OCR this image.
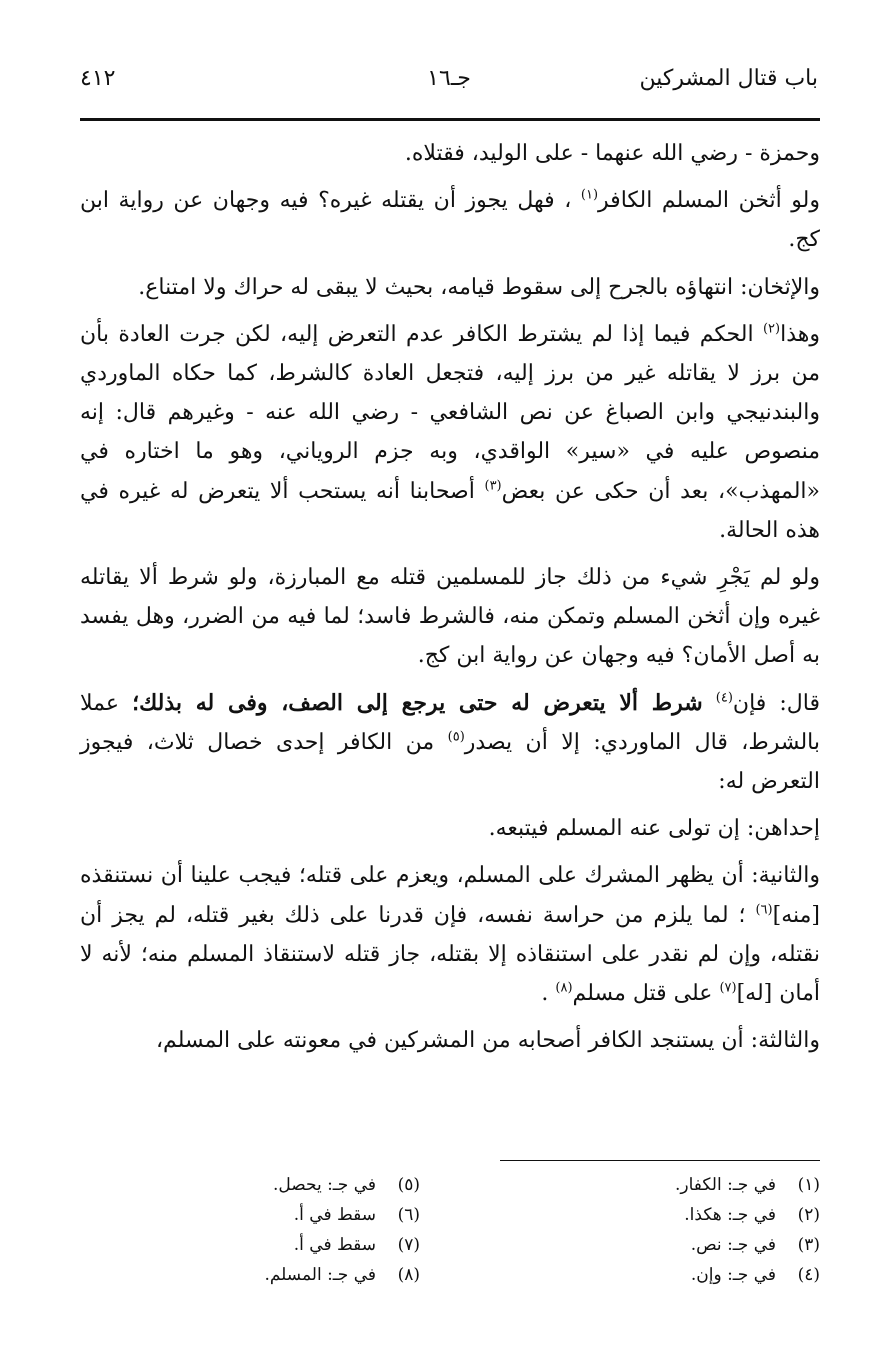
باب قتال المشركين
جـ١٦
٤١٢

وحمزة - رضي الله عنهما - على الوليد، فقتلاه.

ولو أثخن المسلم الكافر$^{(١)}$ ، فهل يجوز أن يقتله غيره؟ فيه وجهان عن رواية ابن كج.

والإثخان: انتهاؤه بالجرح إلى سقوط قيامه، بحيث لا يبقى له حراك ولا امتناع.

وهذا$^{(٢)}$ الحكم فيما إذا لم يشترط الكافر عدم التعرض إليه، لكن جرت العادة بأن من برز لا يقاتله غير من برز إليه، فتجعل العادة كالشرط، كما حكاه الماوردي والبندنيجي وابن الصباغ عن نص الشافعي - رضي الله عنه - وغيرهم قال: إنه منصوص عليه في «سير» الواقدي، وبه جزم الروياني، وهو ما اختاره في «المهذب»، بعد أن حكى عن بعض$^{(٣)}$ أصحابنا أنه يستحب ألا يتعرض له غيره في هذه الحالة.

ولو لم يَجْرِ شيء من ذلك جاز للمسلمين قتله مع المبارزة، ولو شرط ألا يقاتله غيره وإن أثخن المسلم وتمكن منه، فالشرط فاسد؛ لما فيه من الضرر، وهل يفسد به أصل الأمان؟ فيه وجهان عن رواية ابن كج.

قال: فإن$^{(٤)}$ شرط ألا يتعرض له حتى يرجع إلى الصف، وفى له بذلك؛ عملا بالشرط، قال الماوردي: إلا أن يصدر$^{(٥)}$ من الكافر إحدى خصال ثلاث، فيجوز التعرض له:

إحداهن: إن تولى عنه المسلم فيتبعه.

والثانية: أن يظهر المشرك على المسلم، ويعزم على قتله؛ فيجب علينا أن نستنقذه [منه]$^{(٦)}$ ؛ لما يلزم من حراسة نفسه، فإن قدرنا على ذلك بغير قتله، لم يجز أن نقتله، وإن لم نقدر على استنقاذه إلا بقتله، جاز قتله لاستنقاذ المسلم منه؛ لأنه لا أمان [له]$^{(٧)}$ على قتل مسلم$^{(٨)}$ .

والثالثة: أن يستنجد الكافر أصحابه من المشركين في معونته على المسلم،

(١)في جـ: الكفار.
(٢)في جـ: هكذا.
(٣)في جـ: نص.
(٤)في جـ: وإن.
(٥)في جـ: يحصل.
(٦)سقط في أ.
(٧)سقط في أ.
(٨)في جـ: المسلم.
